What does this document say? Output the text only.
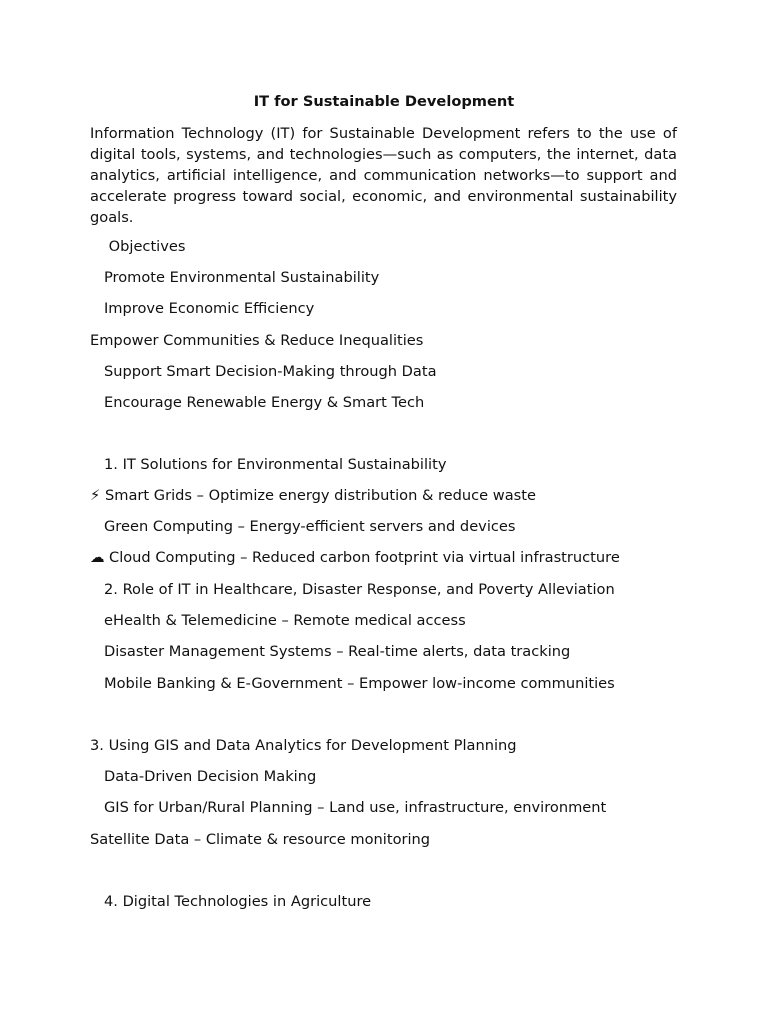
IT for Sustainable Development

Information Technology (IT) for Sustainable Development refers to the use of digital tools, systems, and technologies—such as computers, the internet, data analytics, artificial intelligence, and communication networks—to support and accelerate progress toward social, economic, and environmental sustainability goals.

Objectives
Promote Environmental Sustainability
Improve Economic Efficiency
Empower Communities & Reduce Inequalities
Support Smart Decision-Making through Data
Encourage Renewable Energy & Smart Tech
1. IT Solutions for Environmental Sustainability
⚡ Smart Grids – Optimize energy distribution & reduce waste
Green Computing – Energy-efficient servers and devices
☁ Cloud Computing – Reduced carbon footprint via virtual infrastructure
2. Role of IT in Healthcare, Disaster Response, and Poverty Alleviation
eHealth & Telemedicine – Remote medical access
Disaster Management Systems – Real-time alerts, data tracking
Mobile Banking & E-Government – Empower low-income communities
3. Using GIS and Data Analytics for Development Planning
Data-Driven Decision Making
GIS for Urban/Rural Planning – Land use, infrastructure, environment
Satellite Data – Climate & resource monitoring
4. Digital Technologies in Agriculture
